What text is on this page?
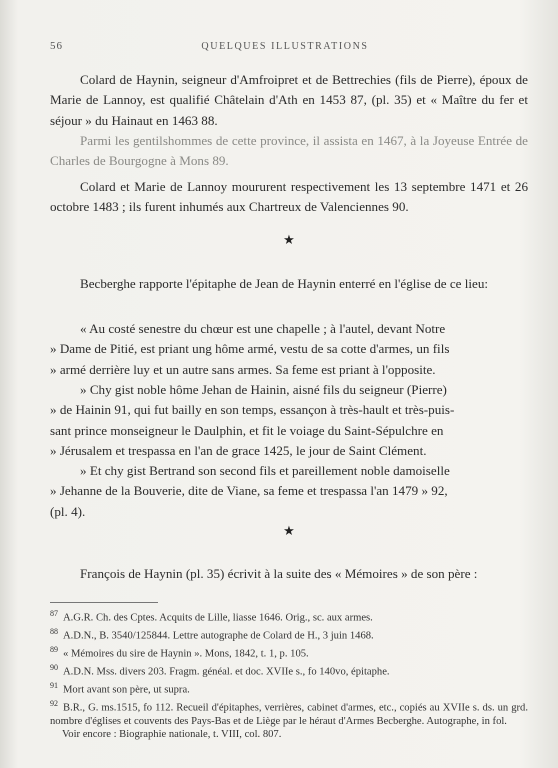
56	QUELQUES ILLUSTRATIONS

Colard de Haynin, seigneur d'Amfroipret et de Bettrechies (fils de Pierre), époux de Marie de Lannoy, est qualifié Châtelain d'Ath en 1453 87, (pl. 35) et « Maître du fer et séjour » du Hainaut en 1463 88.

Parmi les gentilshommes de cette province, il assista en 1467, à la Joyeuse Entrée de Charles de Bourgogne à Mons 89.

Colard et Marie de Lannoy moururent respectivement les 13 septembre 1471 et 26 octobre 1483 ; ils furent inhumés aux Chartreux de Valenciennes 90.

★

Becberghe rapporte l'épitaphe de Jean de Haynin enterré en l'église de ce lieu:

« Au costé senestre du chœur est une chapelle ; à l'autel, devant Notre
» Dame de Pitié, est priant ung hôme armé, vestu de sa cotte d'armes, un fils
» armé derrière luy et un autre sans armes. Sa feme est priant à l'opposite.
» Chy gist noble hôme Jehan de Hainin, aisné fils du seigneur (Pierre)
» de Hainin 91, qui fut bailly en son temps, essançon à très-hault et très-puis-
sant prince monseigneur le Daulphin, et fit le voiage du Saint-Sépulchre en
» Jérusalem et trespassa en l'an de grace 1425, le jour de Saint Clément.
» Et chy gist Bertrand son second fils et pareillement noble damoiselle
» Jehanne de la Bouverie, dite de Viane, sa feme et trespassa l'an 1479 » 92,
(pl. 4).
★

François de Haynin (pl. 35) écrivit à la suite des « Mémoires » de son père :

$^{87}$ A.G.R. Ch. des Cptes. Acquits de Lille, liasse 1646. Orig., sc. aux armes.

$^{88}$ A.D.N., B. 3540/125844. Lettre autographe de Colard de H., 3 juin 1468.

$^{89}$ « Mémoires du sire de Haynin ». Mons, 1842, t. 1, p. 105.

$^{90}$ A.D.N. Mss. divers 203. Fragm. généal. et doc. XVIIe s., fo 140vo, épitaphe.

$^{91}$ Mort avant son père, ut supra.

$^{92}$ B.R., G. ms.1515, fo 112. Recueil d'épitaphes, verrières, cabinet d'armes, etc., copiés au XVIIe s. ds. un grd. nombre d'églises et couvents des Pays-Bas et de Liège par le héraut d'Armes Becberghe. Autographe, in fol.

Voir encore : Biographie nationale, t. VIII, col. 807.
